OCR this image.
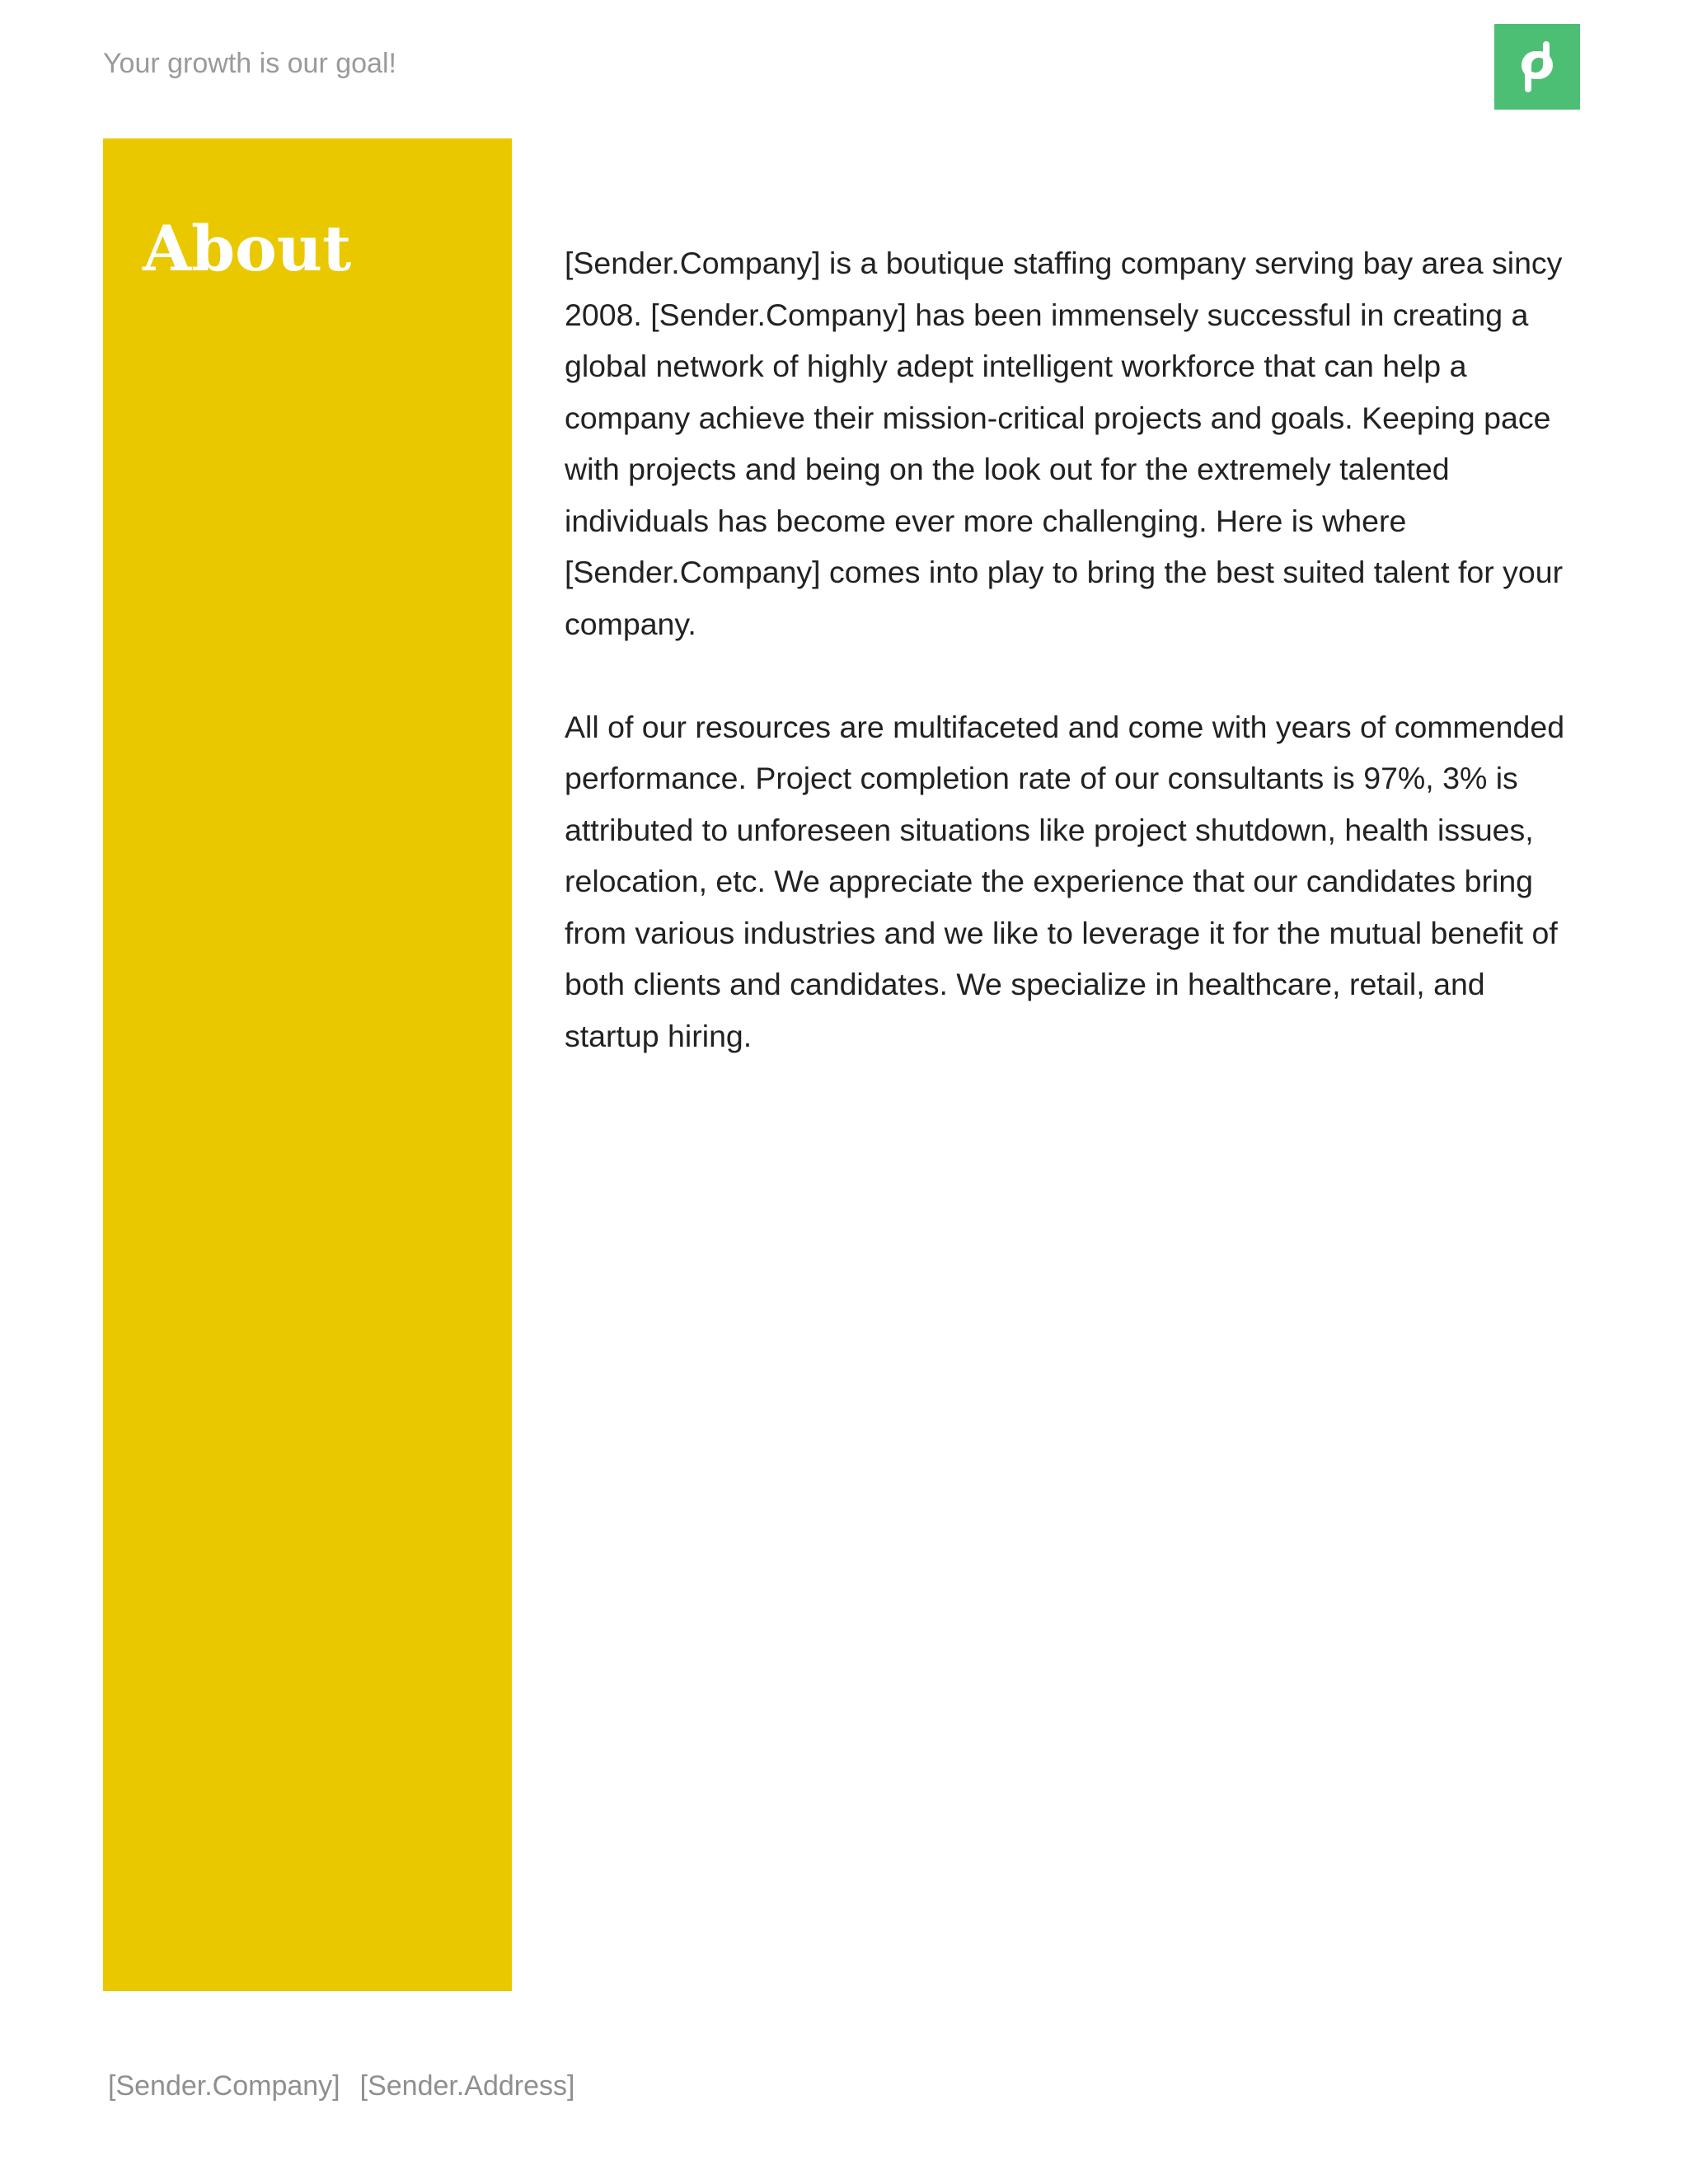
Your growth is our goal!
About	[Sender.Company] is a boutique staffing company serving bay area sincy 2008. [Sender.Company] has been immensely successful in creating a global network of highly adept intelligent workforce that can help a company achieve their mission-critical projects and goals. Keeping pace with projects and being on the look out for the extremely talented individuals has become ever more challenging. Here is where [Sender.Company] comes into play to bring the best suited talent for your company.

All of our resources are multifaceted and come with years of commended performance. Project completion rate of our consultants is 97%, 3% is attributed to unforeseen situations like project shutdown, health issues, relocation, etc. We appreciate the experience that our candidates bring from various industries and we like to leverage it for the mutual benefit of both clients and candidates. We specialize in healthcare, retail, and startup hiring.

[Sender.Company] [Sender.Address]
